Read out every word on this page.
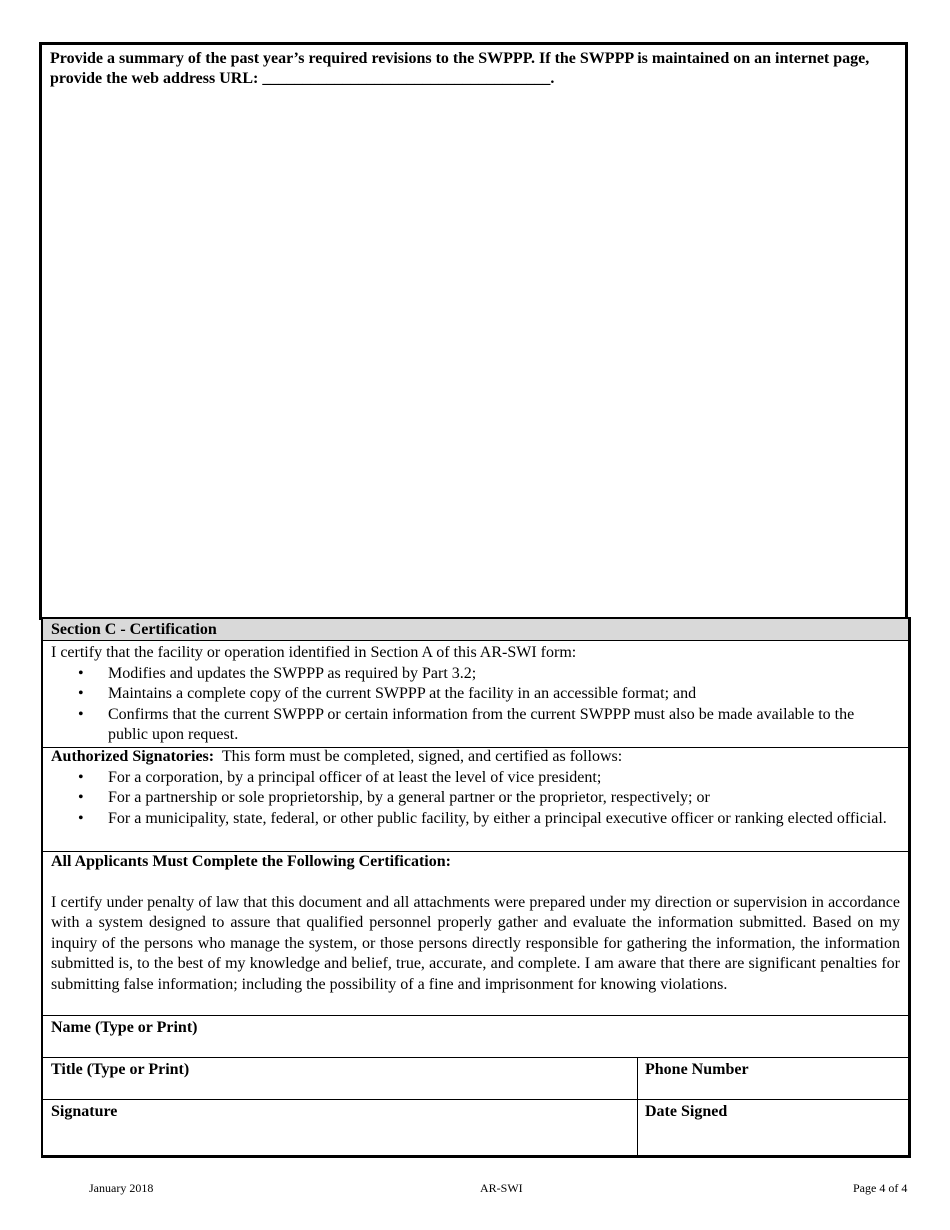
Provide a summary of the past year’s required revisions to the SWPPP. If the SWPPP is maintained on an internet page, provide the web address URL: ____________________________________.
Section C - Certification

I certify that the facility or operation identified in Section A of this AR-SWI form:

• Modifies and updates the SWPPP as required by Part 3.2;
• Maintains a complete copy of the current SWPPP at the facility in an accessible format; and
• Confirms that the current SWPPP or certain information from the current SWPPP must also be made available to the public upon request.

Authorized Signatories:  This form must be completed, signed, and certified as follows:

• For a corporation, by a principal officer of at least the level of vice president;
• For a partnership or sole proprietorship, by a general partner or the proprietor, respectively; or
• For a municipality, state, federal, or other public facility, by either a principal executive officer or ranking elected official.
All Applicants Must Complete the Following Certification:
I certify under penalty of law that this document and all attachments were prepared under my direction or supervision in accordance with a system designed to assure that qualified personnel properly gather and evaluate the information submitted. Based on my inquiry of the persons who manage the system, or those persons directly responsible for gathering the information, the information submitted is, to the best of my knowledge and belief, true, accurate, and complete. I am aware that there are significant penalties for submitting false information; including the possibility of a fine and imprisonment for knowing violations.
Name (Type or Print)
Title (Type or Print)	Phone Number
Signature	Date Signed
January 2018	AR-SWI	Page 4 of 4
